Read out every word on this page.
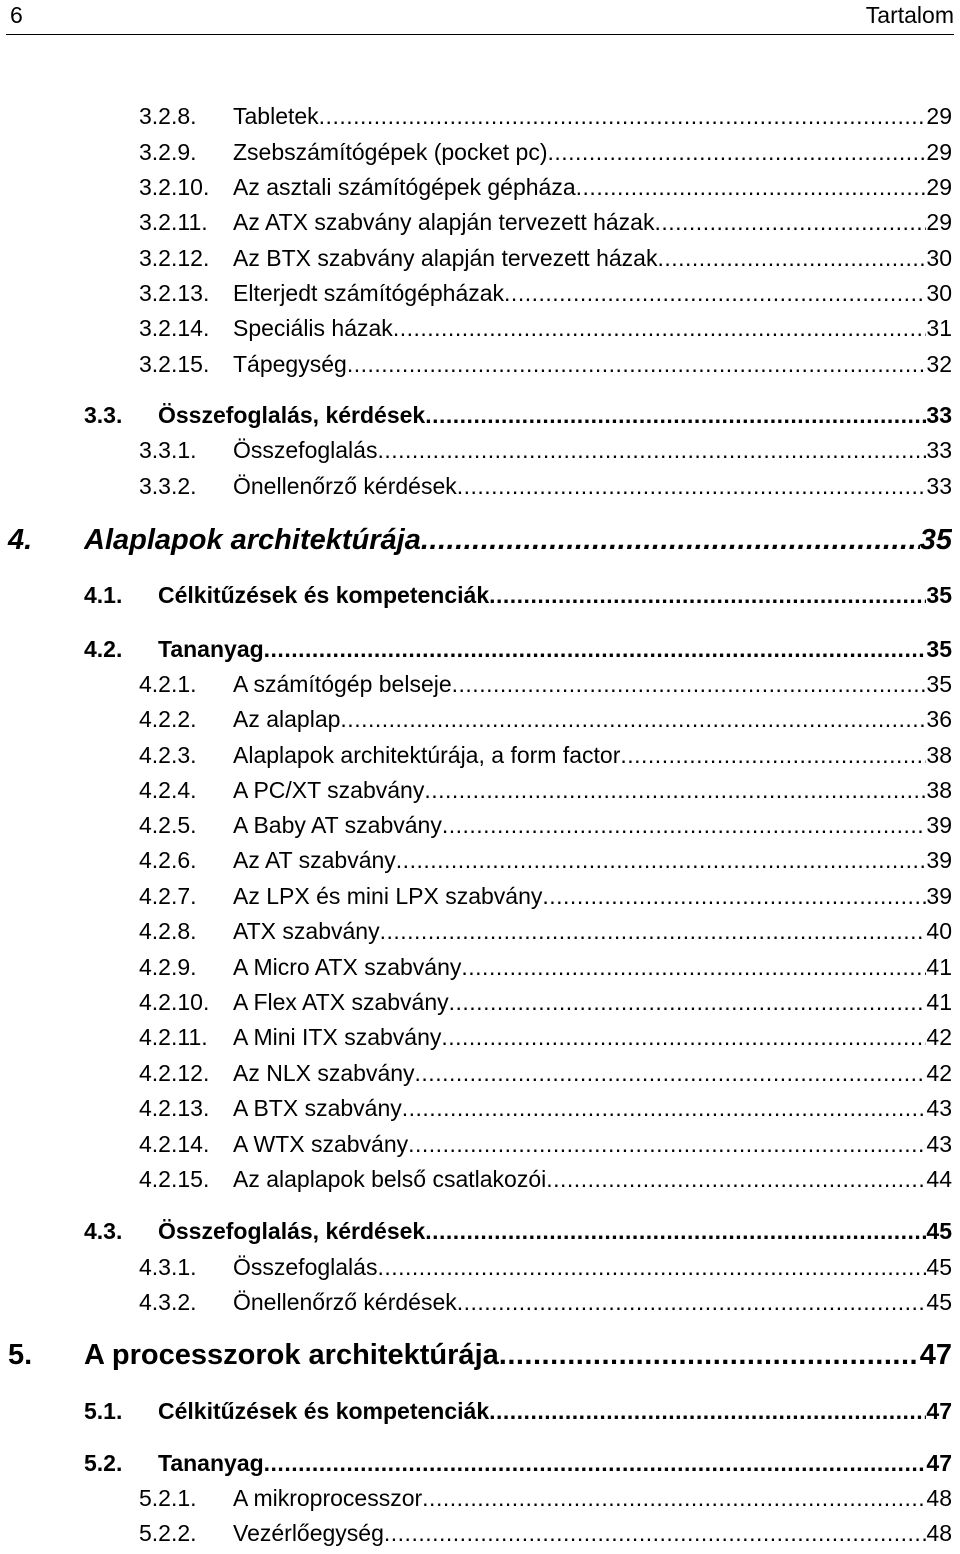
6	Tartalom
3.2.8. Tabletek .....	29
3.2.9. Zsebszámítógépek (pocket pc) .....	29
3.2.10. Az asztali számítógépek gépháza .....	29
3.2.11. Az ATX szabvány alapján tervezett házak .....	29
3.2.12. Az BTX szabvány alapján tervezett házak .....	30
3.2.13. Elterjedt számítógépházak .....	30
3.2.14. Speciális házak .....	31
3.2.15. Tápegység .....	32
3.3. Összefoglalás, kérdések .....	33
3.3.1. Összefoglalás .....	33
3.3.2. Önellenőrző kérdések .....	33
4. Alaplapok architektúrája .....	35
4.1. Célkitűzések és kompetenciák .....	35
4.2. Tananyag .....	35
4.2.1. A számítógép belseje .....	35
4.2.2. Az alaplap .....	36
4.2.3. Alaplapok architektúrája, a form factor .....	38
4.2.4. A PC/XT szabvány .....	38
4.2.5. A Baby AT szabvány .....	39
4.2.6. Az AT szabvány .....	39
4.2.7. Az LPX és mini LPX szabvány .....	39
4.2.8. ATX szabvány .....	40
4.2.9. A Micro ATX szabvány .....	41
4.2.10. A Flex ATX szabvány .....	41
4.2.11. A Mini ITX szabvány .....	42
4.2.12. Az NLX szabvány .....	42
4.2.13. A BTX szabvány .....	43
4.2.14. A WTX szabvány .....	43
4.2.15. Az alaplapok belső csatlakozói .....	44
4.3. Összefoglalás, kérdések .....	45
4.3.1. Összefoglalás .....	45
4.3.2. Önellenőrző kérdések .....	45
5. A processzorok architektúrája .....	47
5.1. Célkitűzések és kompetenciák .....	47
5.2. Tananyag .....	47
5.2.1. A mikroprocesszor .....	48
5.2.2. Vezérlőegység .....	48
